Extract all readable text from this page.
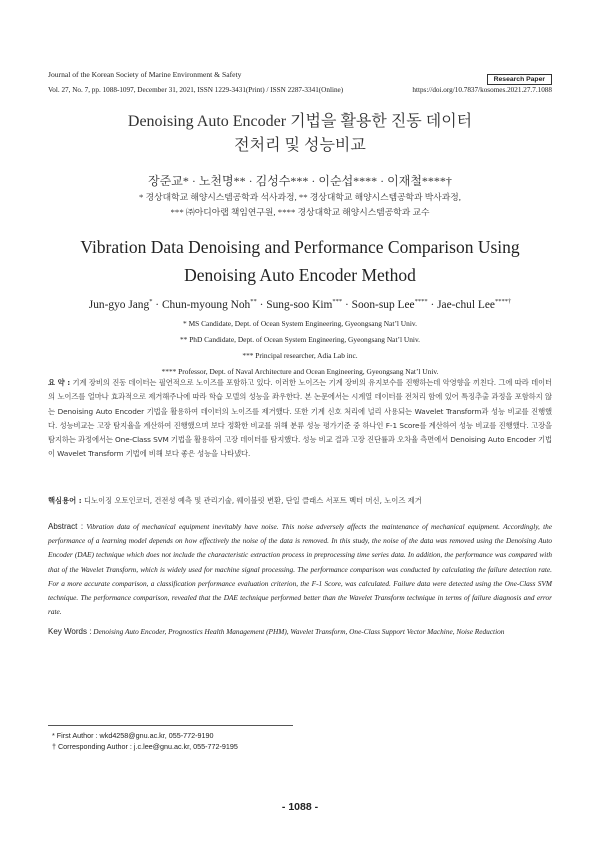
Journal of the Korean Society of Marine Environment & Safety
Research Paper
Vol. 27, No. 7, pp. 1088-1097, December 31, 2021, ISSN 1229-3431(Print) / ISSN 2287-3341(Online)	https://doi.org/10.7837/kosomes.2021.27.7.1088
Denoising Auto Encoder 기법을 활용한 진동 데이터
전처리 및 성능비교
장준교* · 노천명** · 김성수*** · 이순섭**** · 이재철****†
* 경상대학교 해양시스템공학과 석사과정, ** 경상대학교 해양시스템공학과 박사과정,
*** ㈜아디아랩 책임연구원, **** 경상대학교 해양시스템공학과 교수
Vibration Data Denoising and Performance Comparison Using
Denoising Auto Encoder Method
Jun-gyo Jang* · Chun-myoung Noh** · Sung-soo Kim*** · Soon-sup Lee**** · Jae-chul Lee****†
* MS Candidate, Dept. of Ocean System Engineering, Gyeongsang Nat’l Univ.
** PhD Candidate, Dept. of Ocean System Engineering, Gyeongsang Nat’l Univ.
*** Principal researcher, Adia Lab inc.
**** Professor, Dept. of Naval Architecture and Ocean Engineering, Gyeongsang Nat’l Univ.
요 약 : 기계 장비의 진동 데이터는 필연적으로 노이즈를 포함하고 있다. 이러한 노이즈는 기계 장비의 유지보수를 진행하는데 악영향을 끼친다. 그에 따라 데이터의 노이즈를 얼마나 효과적으로 제거해주나에 따라 학습 모델의 성능을 좌우한다. 본 논문에서는 시계열 데이터를 전처리 함에 있어 특징추출 과정을 포함하지 않는 Denoising Auto Encoder 기법을 활용하여 데이터의 노이즈를 제거했다. 또한 기계 신호 처리에 널리 사용되는 Wavelet Transform과 성능 비교를 진행했다. 성능비교는 고장 탐지율을 계산하여 진행했으며 보다 정확한 비교를 위해 분류 성능 평가기준 중 하나인 F-1 Score를 계산하여 성능 비교를 진행했다. 고장을 탐지하는 과정에서는 One-Class SVM 기법을 활용하여 고장 데이터를 탐지했다. 성능 비교 결과 고장 진단률과 오차율 측면에서 Denoising Auto Encoder 기법이 Wavelet Transform 기법에 비해 보다 좋은 성능을 나타냈다.
핵심용어 : 디노이징 오토인코더, 건전성 예측 및 관리기술, 웨이블릿 변환, 단일 클래스 서포트 벡터 머신, 노이즈 제거
Abstract : Vibration data of mechanical equipment inevitably have noise. This noise adversely affects the maintenance of mechanical equipment. Accordingly, the performance of a learning model depends on how effectively the noise of the data is removed. In this study, the noise of the data was removed using the Denoising Auto Encoder (DAE) technique which does not include the characteristic extraction process in preprocessing time series data. In addition, the performance was compared with that of the Wavelet Transform, which is widely used for machine signal processing. The performance comparison was conducted by calculating the failure detection rate. For a more accurate comparison, a classification performance evaluation criterion, the F-1 Score, was calculated. Failure data were detected using the One-Class SVM technique. The performance comparison, revealed that the DAE technique performed better than the Wavelet Transform technique in terms of failure diagnosis and error rate.
Key Words : Denoising Auto Encoder, Prognostics Health Management (PHM), Wavelet Transform, One-Class Support Vector Machine, Noise Reduction
* First Author : wkd4258@gnu.ac.kr, 055-772-9190
† Corresponding Author : j.c.lee@gnu.ac.kr, 055-772-9195
- 1088 -
